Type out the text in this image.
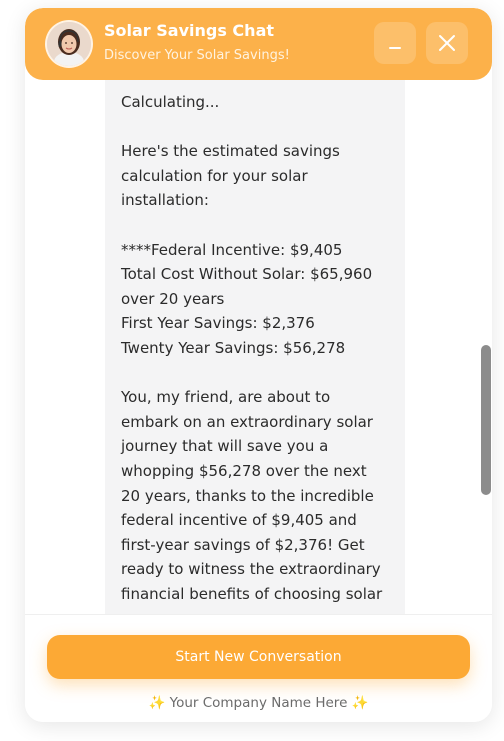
Solar Savings Chat
Discover Your Solar Savings!

Calculating...

Here's the estimated savings

calculation for your solar

installation:

****Federal Incentive: $9,405

Total Cost Without Solar: $65,960

over 20 years

First Year Savings: $2,376

Twenty Year Savings: $56,278

You, my friend, are about to

embark on an extraordinary solar

journey that will save you a

whopping $56,278 over the next

20 years, thanks to the incredible

federal incentive of $9,405 and

first-year savings of $2,376! Get

ready to witness the extraordinary

financial benefits of choosing solar

Start New Conversation
✨ Your Company Name Here ✨
